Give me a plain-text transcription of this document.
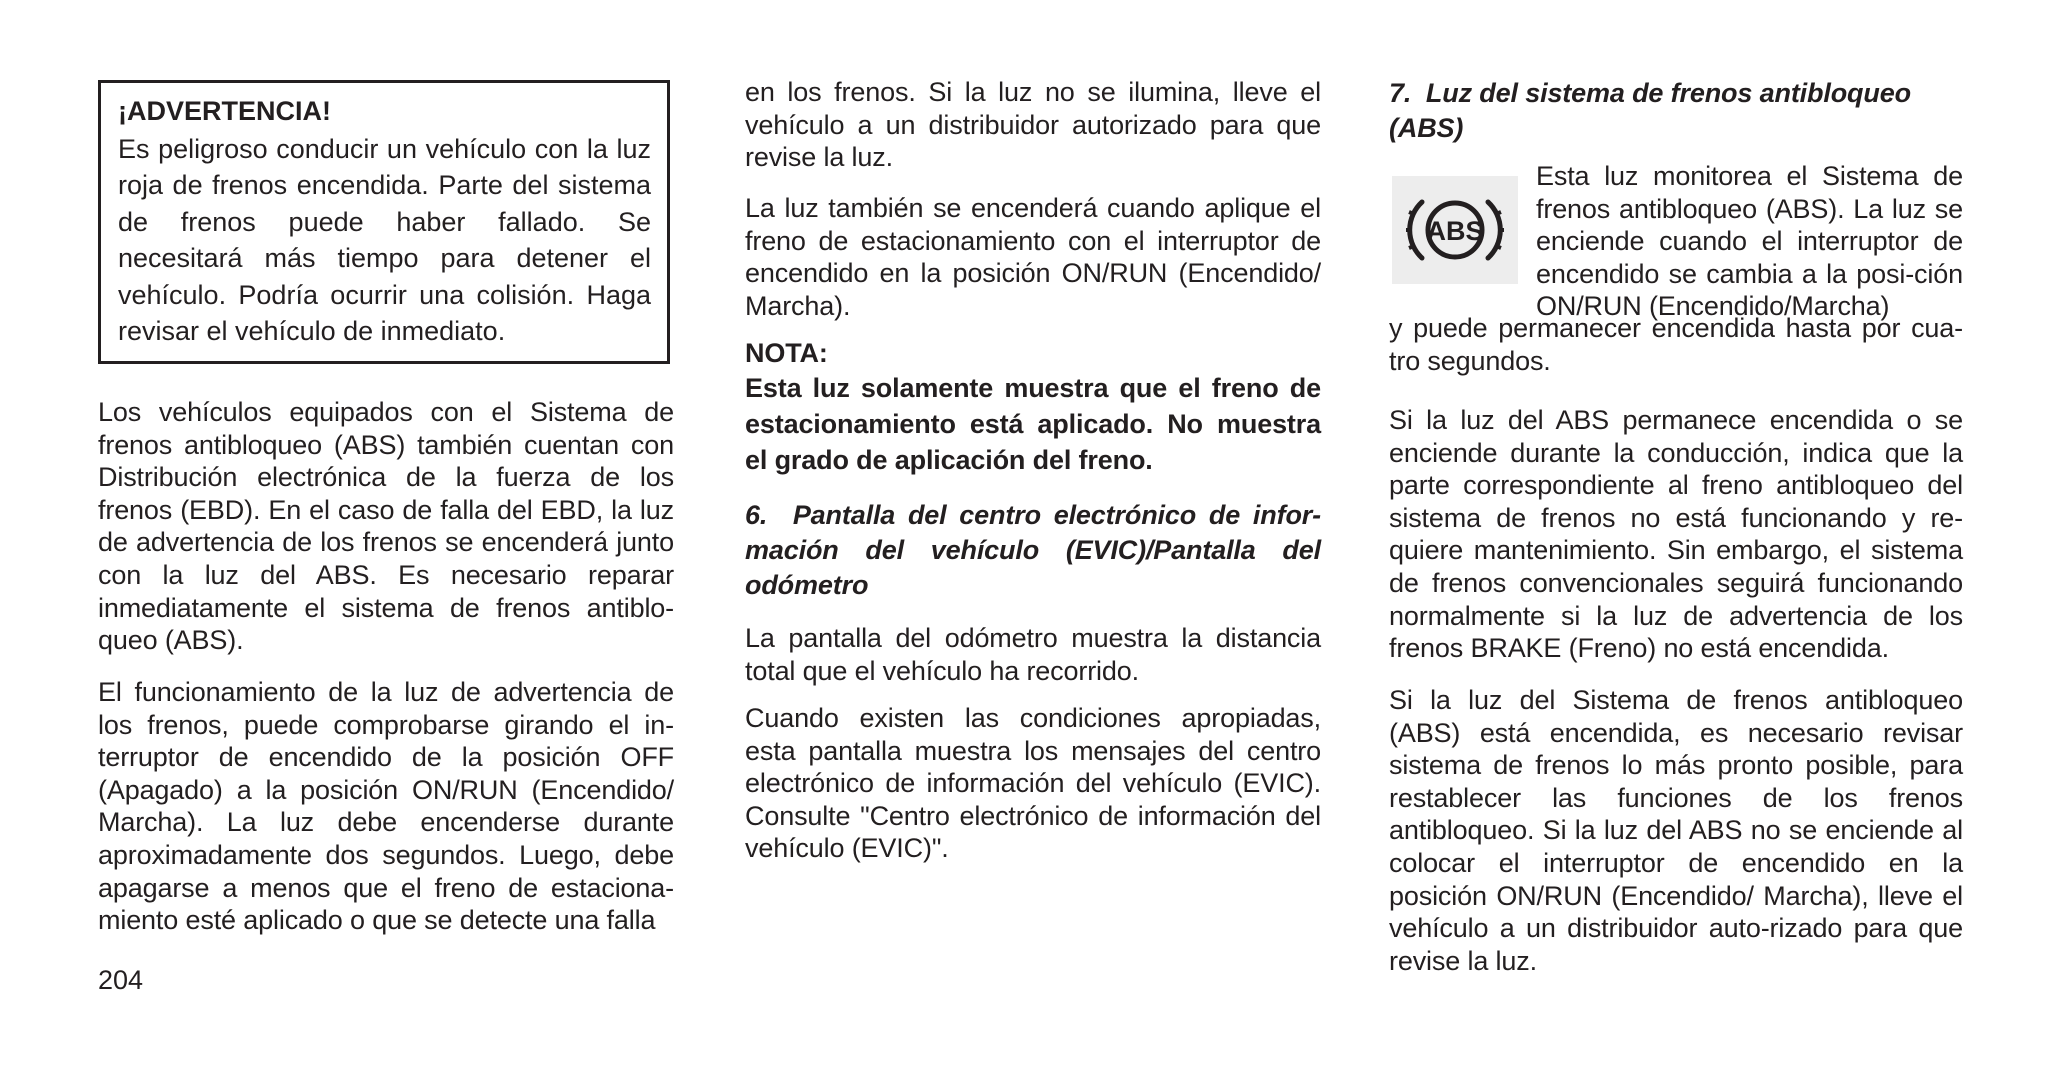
¡ADVERTENCIA!

Es peligroso conducir un vehículo con la luz roja de frenos encendida. Parte del sistema de frenos puede haber fallado. Se necesitará más tiempo para detener el vehículo. Podría ocurrir una colisión. Haga revisar el vehículo de inmediato.

Los vehículos equipados con el Sistema de frenos antibloqueo (ABS) también cuentan con Distribución electrónica de la fuerza de los frenos (EBD). En el caso de falla del EBD, la luz de advertencia de los frenos se encenderá junto con la luz del ABS. Es necesario reparar inmediatamente el sistema de frenos antiblo-queo (ABS).

El funcionamiento de la luz de advertencia de los frenos, puede comprobarse girando el in-terruptor de encendido de la posición OFF (Apagado) a la posición ON/RUN (Encendido/ Marcha). La luz debe encenderse durante aproximadamente dos segundos. Luego, debe apagarse a menos que el freno de estaciona-miento esté aplicado o que se detecte una falla

en los frenos. Si la luz no se ilumina, lleve el vehículo a un distribuidor autorizado para que revise la luz.

La luz también se encenderá cuando aplique el freno de estacionamiento con el interruptor de encendido en la posición ON/RUN (Encendido/ Marcha).

NOTA:

Esta luz solamente muestra que el freno de estacionamiento está aplicado. No muestra el grado de aplicación del freno.

6. Pantalla del centro electrónico de infor-mación del vehículo (EVIC)/Pantalla del odómetro

La pantalla del odómetro muestra la distancia total que el vehículo ha recorrido.

Cuando existen las condiciones apropiadas, esta pantalla muestra los mensajes del centro electrónico de información del vehículo (EVIC). Consulte "Centro electrónico de información del vehículo (EVIC)".

7. Luz del sistema de frenos antibloqueo (ABS)

y puede permanecer encendida hasta por cua-tro segundos.

Si la luz del ABS permanece encendida o se enciende durante la conducción, indica que la parte correspondiente al freno antibloqueo del sistema de frenos no está funcionando y re-quiere mantenimiento. Sin embargo, el sistema de frenos convencionales seguirá funcionando normalmente si la luz de advertencia de los frenos BRAKE (Freno) no está encendida.

Si la luz del Sistema de frenos antibloqueo (ABS) está encendida, es necesario revisar sistema de frenos lo más pronto posible, para restablecer las funciones de los frenos antibloqueo. Si la luz del ABS no se enciende al colocar el interruptor de encendido en la posición ON/RUN (Encendido/ Marcha), lleve el vehículo a un distribuidor auto-rizado para que revise la luz.

ABS

Esta luz monitorea el Sistema de frenos antibloqueo (ABS). La luz se enciende cuando el interruptor de encendido se cambia a la posi-ción ON/RUN (Encendido/Marcha)

204
